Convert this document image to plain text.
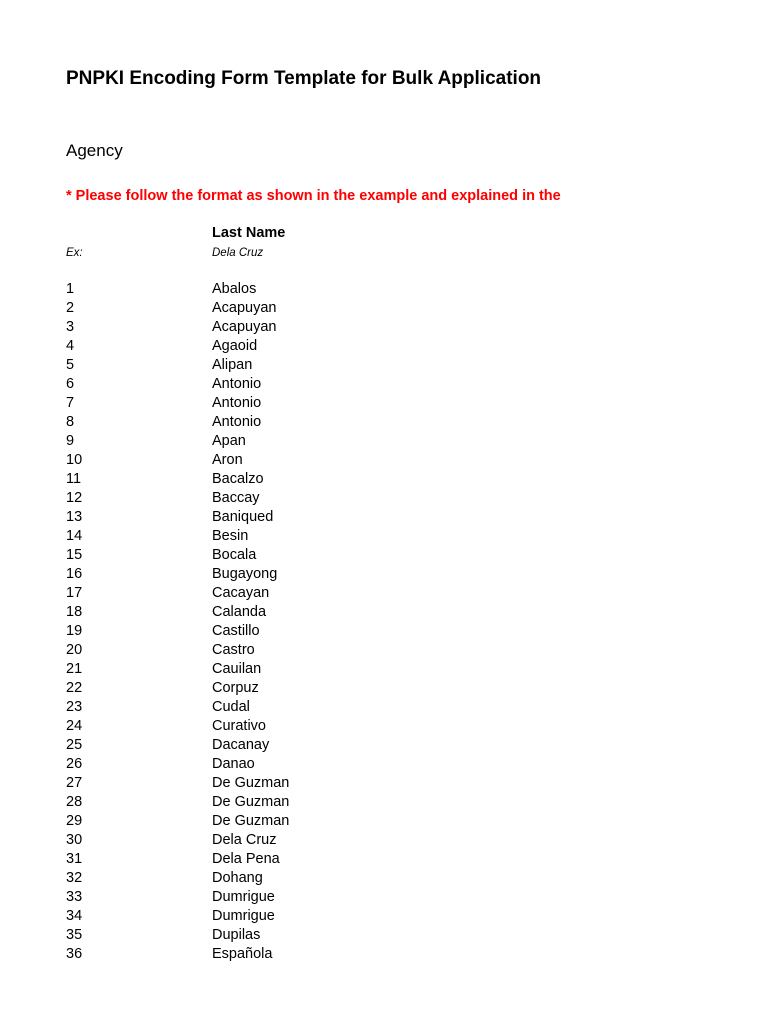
PNPKI Encoding Form Template for Bulk Application
Agency
* Please follow the format as shown in the example and explained in the
Last Name
Ex:	Dela Cruz
1	Abalos
2	Acapuyan
3	Acapuyan
4	Agaoid
5	Alipan
6	Antonio
7	Antonio
8	Antonio
9	Apan
10	Aron
11	Bacalzo
12	Baccay
13	Baniqued
14	Besin
15	Bocala
16	Bugayong
17	Cacayan
18	Calanda
19	Castillo
20	Castro
21	Cauilan
22	Corpuz
23	Cudal
24	Curativo
25	Dacanay
26	Danao
27	De Guzman
28	De Guzman
29	De Guzman
30	Dela Cruz
31	Dela Pena
32	Dohang
33	Dumrigue
34	Dumrigue
35	Dupilas
36	Española
